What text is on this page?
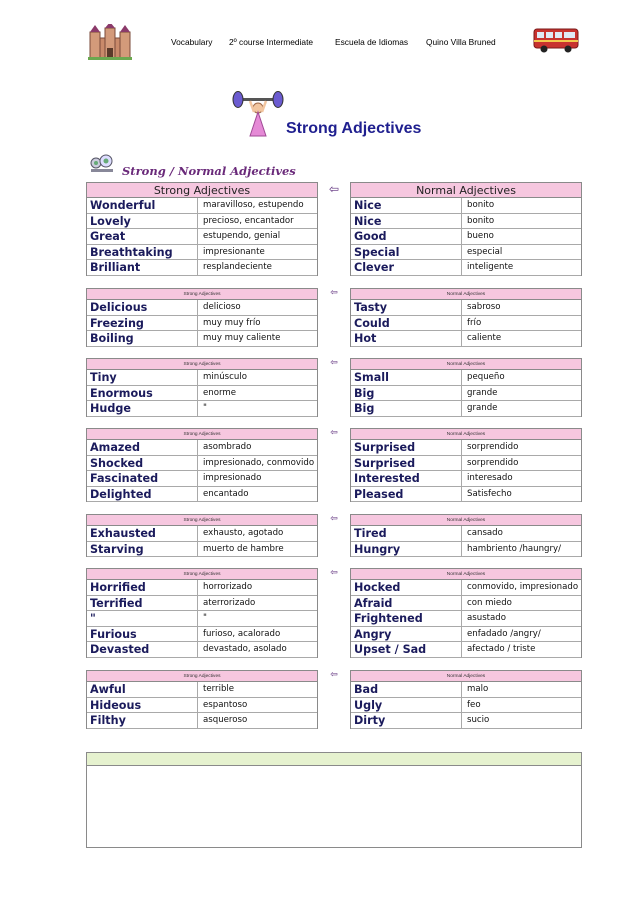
Vocabulary 2º course Intermediate	Escuela de Idiomas Quino Villa Bruned
Strong Adjectives
Strong / Normal Adjectives
Strong Adjectives
Wonderful	maravilloso, estupendo
Lovely	precioso, encantador
Great	estupendo, genial
Breathtaking	impresionante
Brilliant	resplandeciente
Normal Adjectives
Nice	bonito
Nice	bonito
Good	bueno
Special	especial
Clever	inteligente
⇦
Strong Adjectives
Delicious	delicioso
Freezing	muy muy frío
Boiling	muy muy caliente
Normal Adjectives
Tasty	sabroso
Could	frío
Hot	caliente
⇦
Strong Adjectives
Tiny	minúsculo
Enormous	enorme
Hudge	"
Normal Adjectives
Small	pequeño
Big	grande
Big	grande
⇦
Strong Adjectives
Amazed	asombrado
Shocked	impresionado, conmovido
Fascinated	impresionado
Delighted	encantado
Normal Adjectives
Surprised	sorprendido
Surprised	sorprendido
Interested	interesado
Pleased	Satisfecho
⇦
Strong Adjectives
Exhausted	exhausto, agotado
Starving	muerto de hambre
Normal Adjectives
Tired	cansado
Hungry	hambriento /haungry/
⇦
Strong Adjectives
Horrified	horrorizado
Terrified	aterrorizado
"	"
Furious	furioso, acalorado
Devasted	devastado, asolado
Normal Adjectives
Hocked	conmovido, impresionado
Afraid	con miedo
Frightened	asustado
Angry	enfadado /angry/
Upset / Sad	afectado / triste
⇦
Strong Adjectives
Awful	terrible
Hideous	espantoso
Filthy	asqueroso
Normal Adjectives
Bad	malo
Ugly	feo
Dirty	sucio
⇦
